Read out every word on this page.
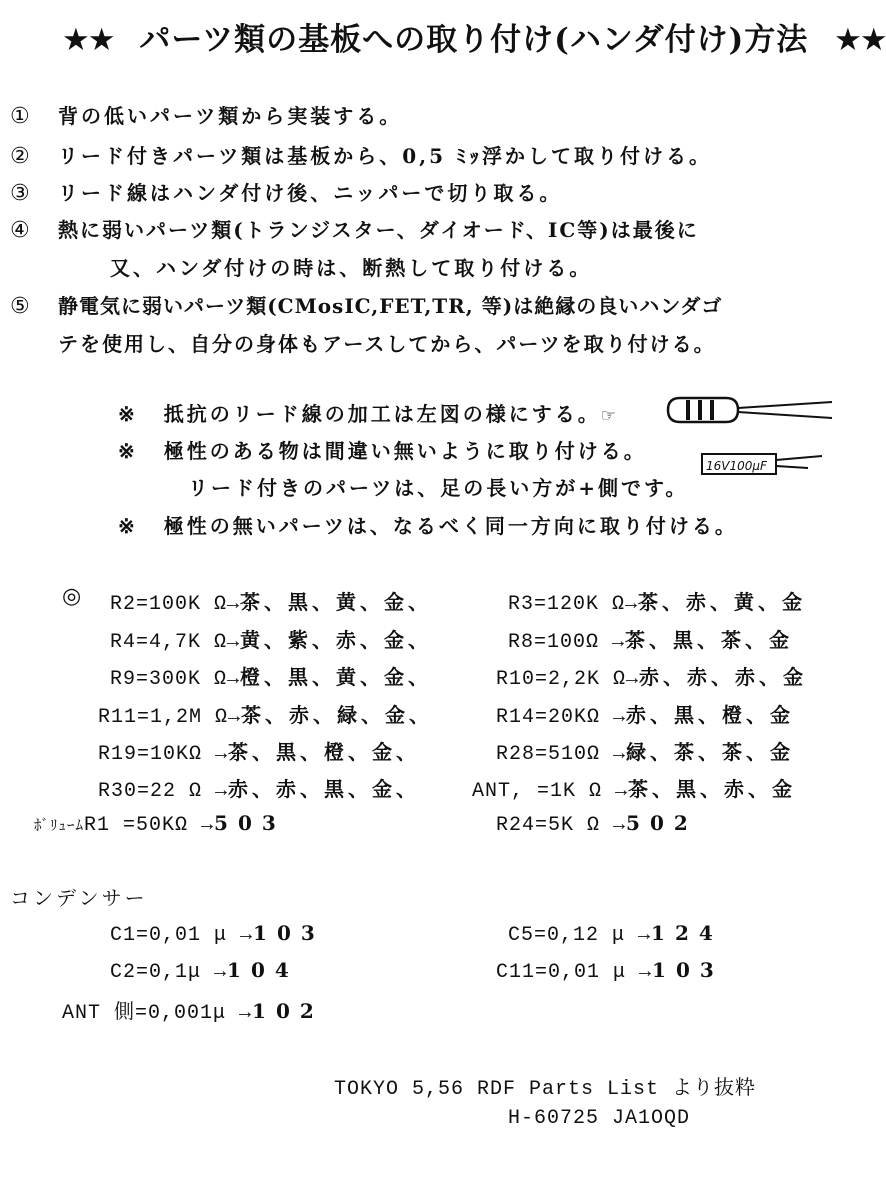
★★ パーツ類の基板への取り付け(ハンダ付け)方法 ★★
① 背の低いパーツ類から実装する。
② リード付きパーツ類は基板から、0,5 ﾐｯ浮かして取り付ける。
③ リード線はハンダ付け後、ニッパーで切り取る。
④ 熱に弱いパーツ類(トランジスター、ダイオード、IC等)は最後に
又、ハンダ付けの時は、断熱して取り付ける。
⑤ 静電気に弱いパーツ類(CMosIC,FET,TR, 等)は絶縁の良いハンダゴ
テを使用し、自分の身体もアースしてから、パーツを取り付ける。
※ 抵抗のリード線の加工は左図の様にする。☞
※ 極性のある物は間違い無いように取り付ける。
リード付きのパーツは、足の長い方が+側です。
※ 極性の無いパーツは、なるべく同一方向に取り付ける。
16V100μF
◎ R2=100K Ω→茶、黒、黄、金、
R4=4,7K Ω→黄、紫、赤、金、
R9=300K Ω→橙、黒、黄、金、
R11=1,2M Ω→茶、赤、緑、金、
R19=10KΩ →茶、黒、橙、金、
R30=22 Ω →赤、赤、黒、金、
ﾎﾞﾘｭｰﾑR1 =50KΩ →503
R3=120K Ω→茶、赤、黄、金
R8=100Ω →茶、黒、茶、金
R10=2,2K Ω→赤、赤、赤、金
R14=20KΩ →赤、黒、橙、金
R28=510Ω →緑、茶、茶、金
ANT, =1K Ω →茶、黒、赤、金
R24=5K Ω →502
コンデンサー
C1=0,01 μ →103
C2=0,1μ →104
ANT 側=0,001μ →102
C5=0,12 μ →124
C11=0,01 μ →103
TOKYO 5,56 RDF Parts List より抜粋
H-60725 JA1OQD
